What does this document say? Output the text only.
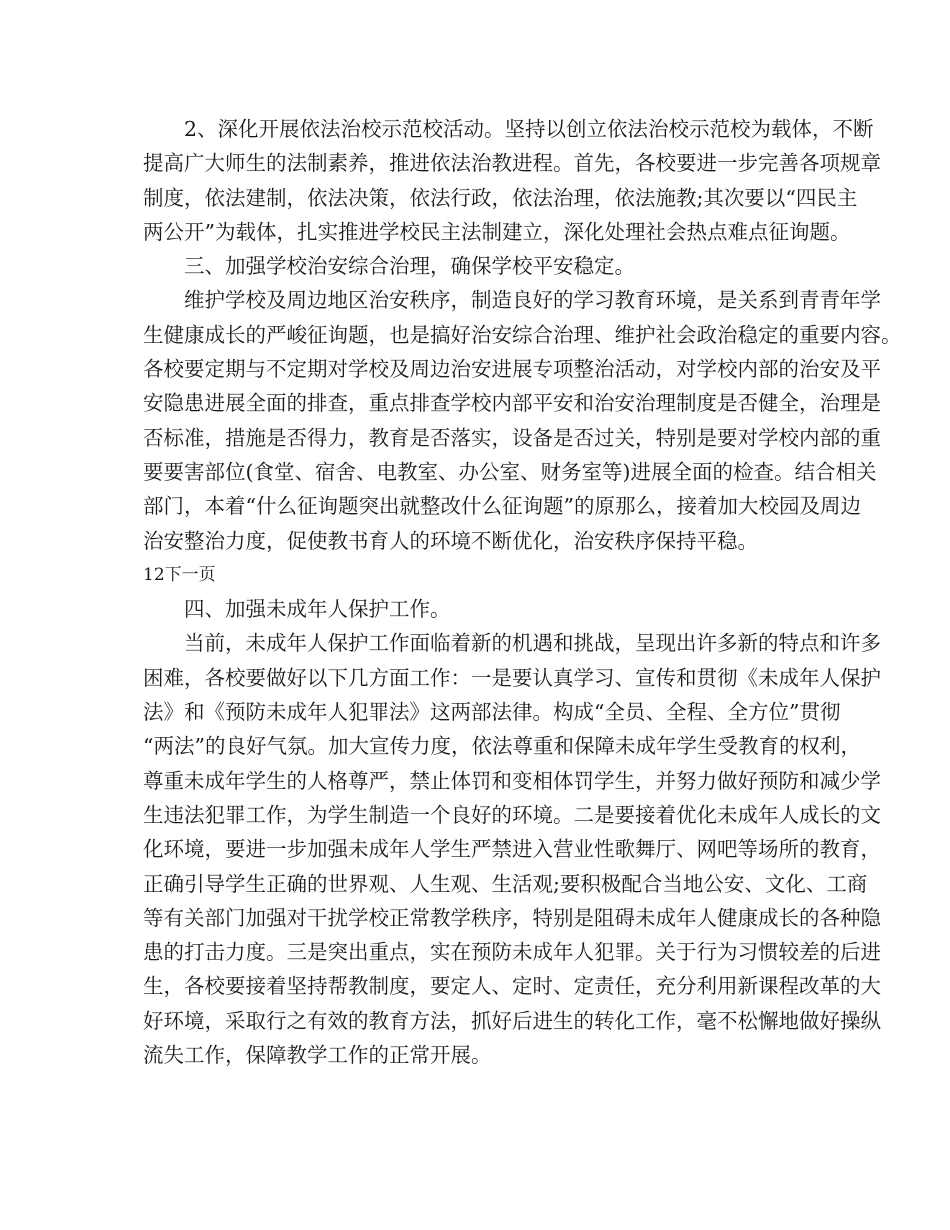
2、深化开展依法治校示范校活动。坚持以创立依法治校示范校为载体，不断
提高广大师生的法制素养，推进依法治教进程。首先，各校要进一步完善各项规章
制度，依法建制，依法决策，依法行政，依法治理，依法施教;其次要以“四民主
两公开”为载体，扎实推进学校民主法制建立，深化处理社会热点难点征询题。
三、加强学校治安综合治理，确保学校平安稳定。
维护学校及周边地区治安秩序，制造良好的学习教育环境，是关系到青青年学
生健康成长的严峻征询题，也是搞好治安综合治理、维护社会政治稳定的重要内容。
各校要定期与不定期对学校及周边治安进展专项整治活动，对学校内部的治安及平
安隐患进展全面的排查，重点排查学校内部平安和治安治理制度是否健全，治理是
否标准，措施是否得力，教育是否落实，设备是否过关，特别是要对学校内部的重
要要害部位(食堂、宿舍、电教室、办公室、财务室等)进展全面的检查。结合相关
部门，本着“什么征询题突出就整改什么征询题”的原那么，接着加大校园及周边
治安整治力度，促使教书育人的环境不断优化，治安秩序保持平稳。
12下一页
四、加强未成年人保护工作。
当前，未成年人保护工作面临着新的机遇和挑战，呈现出许多新的特点和许多
困难，各校要做好以下几方面工作：一是要认真学习、宣传和贯彻《未成年人保护
法》和《预防未成年人犯罪法》这两部法律。构成“全员、全程、全方位”贯彻
“两法”的良好气氛。加大宣传力度，依法尊重和保障未成年学生受教育的权利，
尊重未成年学生的人格尊严，禁止体罚和变相体罚学生，并努力做好预防和减少学
生违法犯罪工作，为学生制造一个良好的环境。二是要接着优化未成年人成长的文
化环境，要进一步加强未成年人学生严禁进入营业性歌舞厅、网吧等场所的教育，
正确引导学生正确的世界观、人生观、生活观;要积极配合当地公安、文化、工商
等有关部门加强对干扰学校正常教学秩序，特别是阻碍未成年人健康成长的各种隐
患的打击力度。三是突出重点，实在预防未成年人犯罪。关于行为习惯较差的后进
生，各校要接着坚持帮教制度，要定人、定时、定责任，充分利用新课程改革的大
好环境，采取行之有效的教育方法，抓好后进生的转化工作，毫不松懈地做好操纵
流失工作，保障教学工作的正常开展。
